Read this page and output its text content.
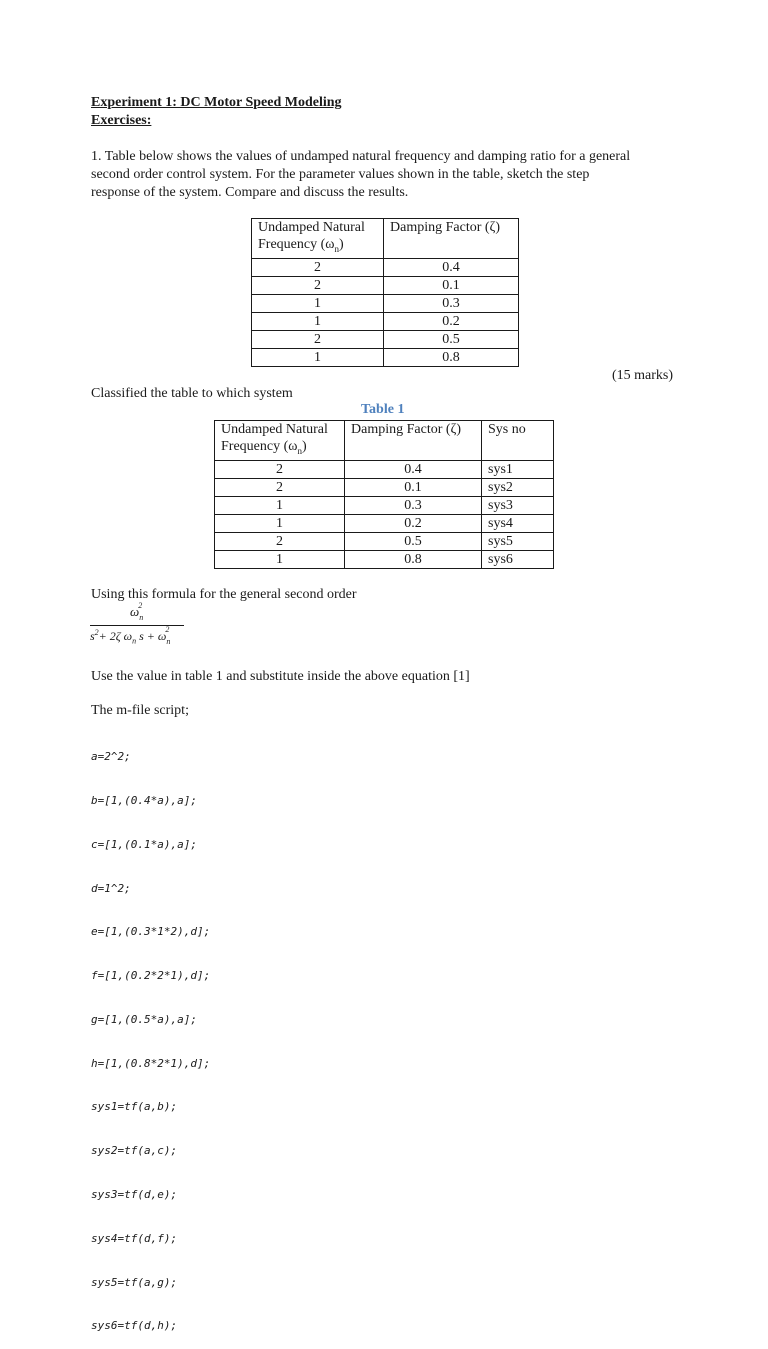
Experiment 1: DC Motor Speed Modeling
Exercises:
1. Table below shows the values of undamped natural frequency and damping ratio for a general
second order control system. For the parameter values shown in the table, sketch the step
response of the system. Compare and discuss the results.
Undamped Natural
Frequency $(\omega_n)$	Damping Factor (ζ)
2	0.4
2	0.1
1	0.3
1	0.2
2	0.5
1	0.8
(15 marks)
Classified the table to which system
Table 1
Undamped Natural
Frequency $(\omega_n)$	Damping Factor (ζ)	Sys no
2	0.4	sys1
2	0.1	sys2
1	0.3	sys3
1	0.2	sys4
2	0.5	sys5
1	0.8	sys6
Using this formula for the general second order
$\omega_n^2$
$s^2+ 2\zeta$ $\omega_n$ $s + \omega_n^2$
Use the value in table 1 and substitute inside the above equation [1]
The m-file script;

a=2^2;

b=[1,(0.4*a),a];

c=[1,(0.1*a),a];

d=1^2;

e=[1,(0.3*1*2),d];

f=[1,(0.2*2*1),d];

g=[1,(0.5*a),a];

h=[1,(0.8*2*1),d];

sys1=tf(a,b);

sys2=tf(a,c);

sys3=tf(d,e);

sys4=tf(d,f);

sys5=tf(a,g);

sys6=tf(d,h);
